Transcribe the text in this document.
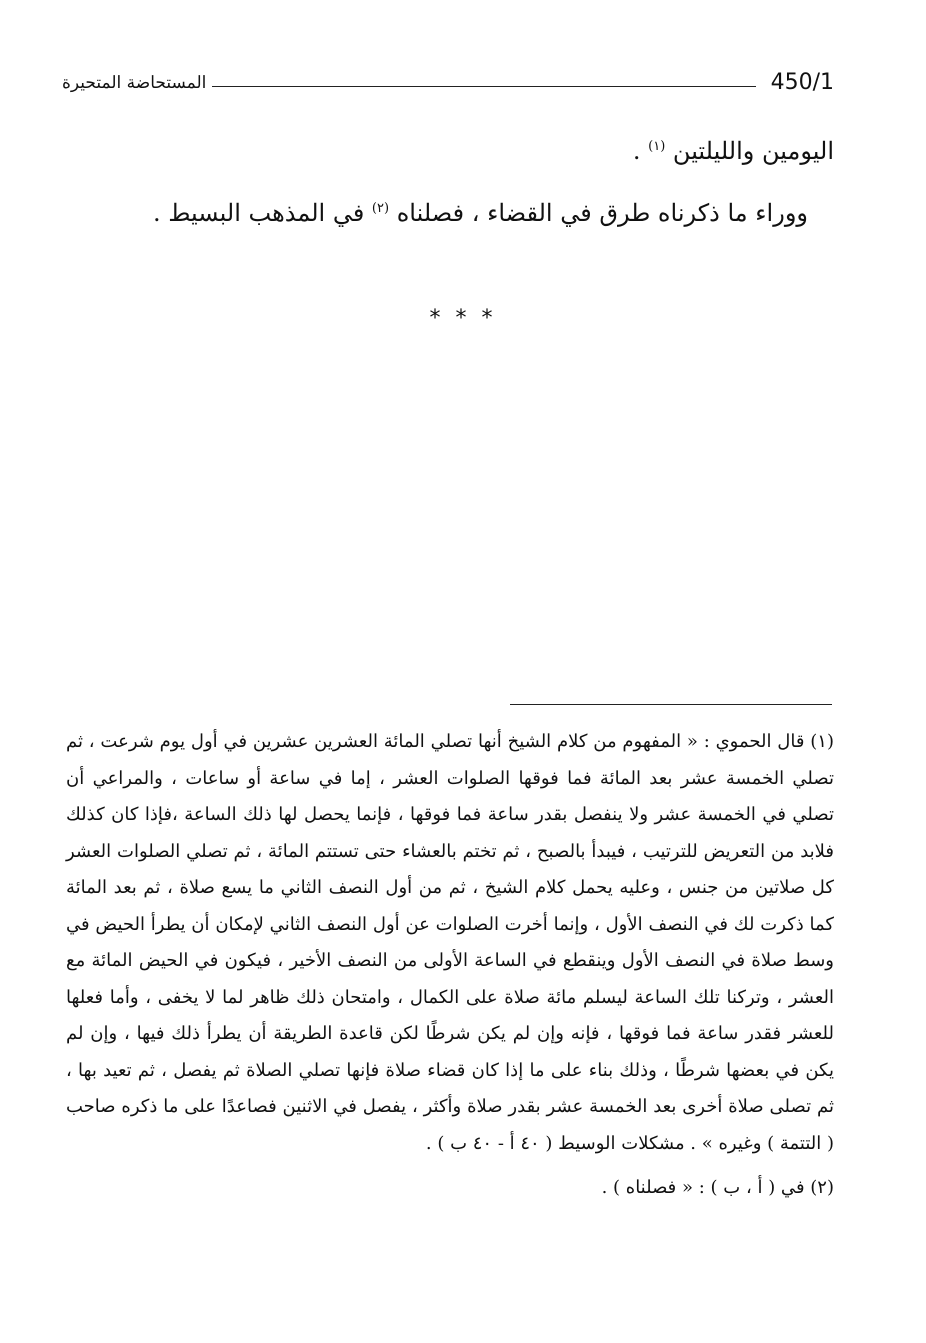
450/1
المستحاضة المتحيرة

اليومين والليلتين $^{(١)}$ .

ووراء ما ذكرناه طرق في القضاء ، فصلناه $^{(٢)}$ في المذهب البسيط .

* * *

(١) قال الحموي : « المفهوم من كلام الشيخ أنها تصلي المائة العشرين عشرين في أول يوم شرعت ، ثم تصلي الخمسة عشر بعد المائة فما فوقها الصلوات العشر ، إما في ساعة أو ساعات ، والمراعي أن تصلي في الخمسة عشر ولا ينفصل بقدر ساعة فما فوقها ، فإنما يحصل لها ذلك الساعة ،فإذا كان كذلك فلابد من التعريض للترتيب ، فيبدأ بالصبح ، ثم تختم بالعشاء حتى تستتم المائة ، ثم تصلي الصلوات العشر كل صلاتين من جنس ، وعليه يحمل كلام الشيخ ، ثم من أول النصف الثاني ما يسع صلاة ، ثم بعد المائة كما ذكرت لك في النصف الأول ، وإنما أخرت الصلوات عن أول النصف الثاني لإمكان أن يطرأ الحيض في وسط صلاة في النصف الأول وينقطع في الساعة الأولى من النصف الأخير ، فيكون في الحيض المائة مع العشر ، وتركنا تلك الساعة ليسلم مائة صلاة على الكمال ، وامتحان ذلك ظاهر لما لا يخفى ، وأما فعلها للعشر فقدر ساعة فما فوقها ، فإنه وإن لم يكن شرطًا لكن قاعدة الطريقة أن يطرأ ذلك فيها ، وإن لم يكن في بعضها شرطًا ، وذلك بناء على ما إذا كان قضاء صلاة فإنها تصلي الصلاة ثم يفصل ، ثم تعيد بها ، ثم تصلى صلاة أخرى بعد الخمسة عشر بقدر صلاة وأكثر ، يفصل في الاثنين فصاعدًا على ما ذكره صاحب ( التتمة ) وغيره » . مشكلات الوسيط ( ٤٠ أ - ٤٠ ب ) .

(٢) في ( أ ، ب ) : « فصلناه ) .
